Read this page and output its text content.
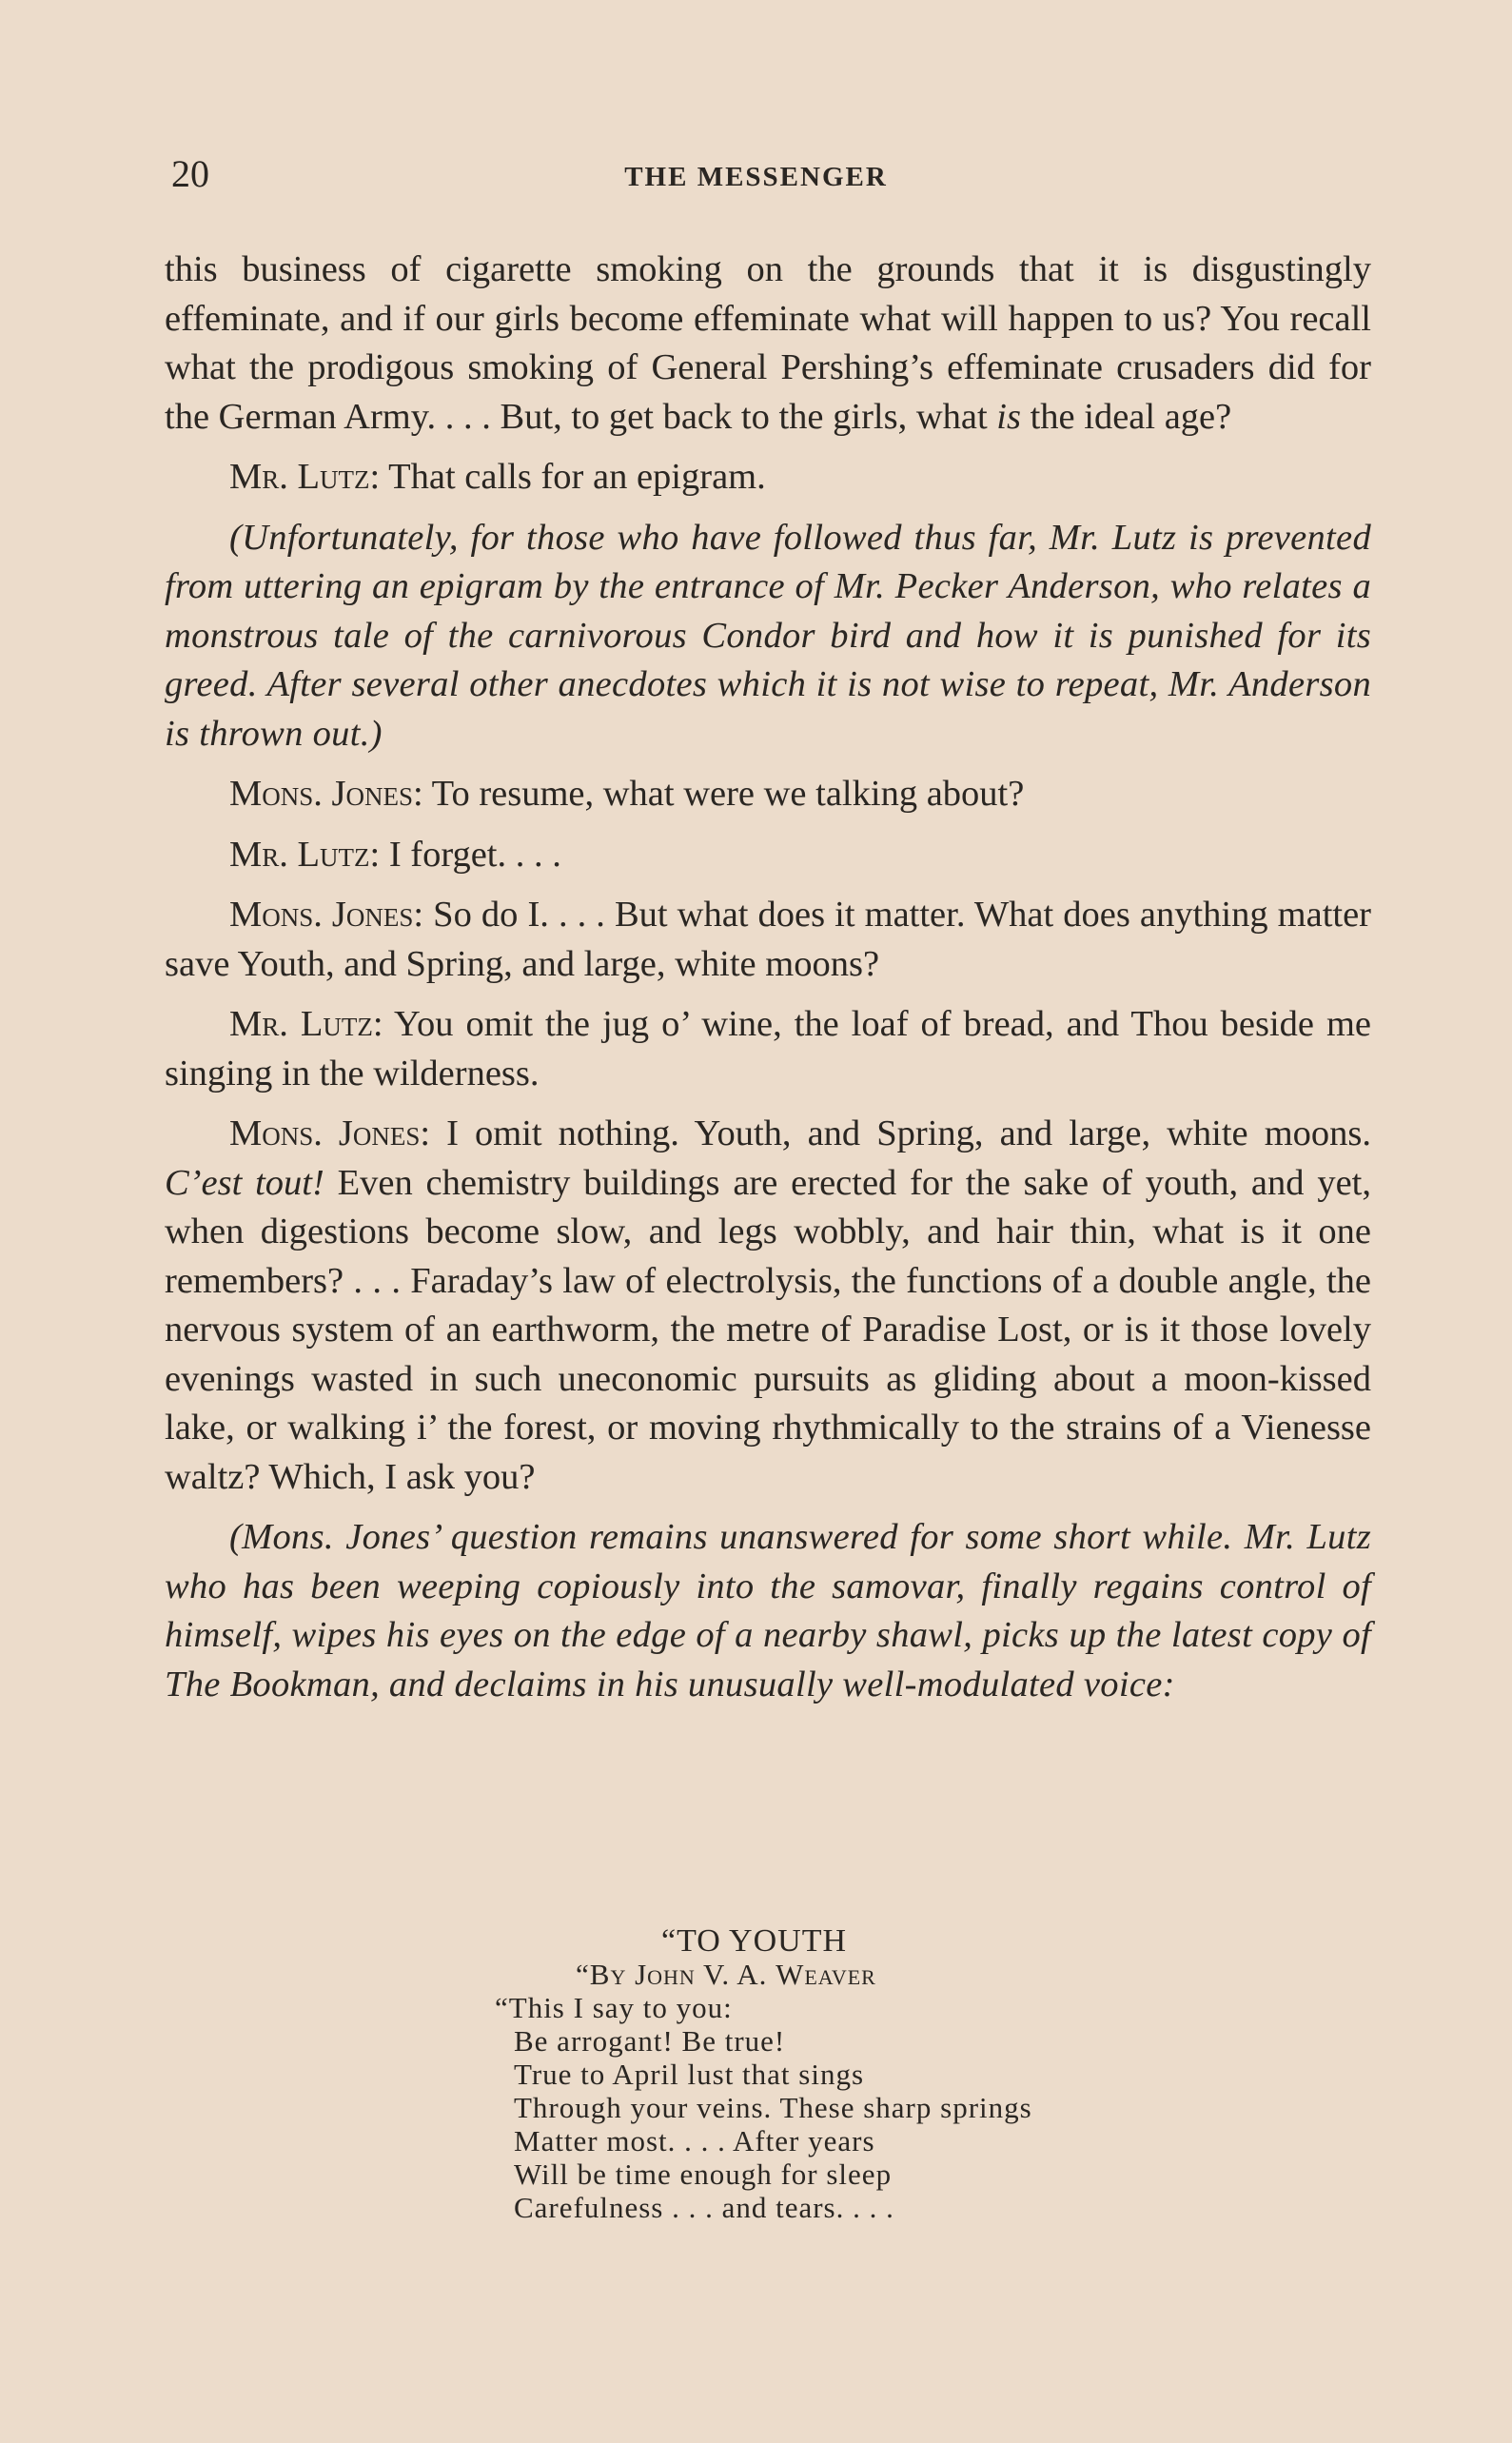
20	THE MESSENGER

this business of cigarette smoking on the grounds that it is disgustingly effeminate, and if our girls become effeminate what will happen to us? You recall what the prodigous smoking of General Pershing’s effeminate crusaders did for the German Army. . . . But, to get back to the girls, what is the ideal age?

Mr. Lutz: That calls for an epigram.

(Unfortunately, for those who have followed thus far, Mr. Lutz is prevented from uttering an epigram by the entrance of Mr. Pecker Anderson, who relates a monstrous tale of the carnivorous Condor bird and how it is punished for its greed. After several other anecdotes which it is not wise to repeat, Mr. Anderson is thrown out.)

Mons. Jones: To resume, what were we talking about?

Mr. Lutz: I forget. . . .

Mons. Jones: So do I. . . . But what does it matter. What does anything matter save Youth, and Spring, and large, white moons?

Mr. Lutz: You omit the jug o’ wine, the loaf of bread, and Thou beside me singing in the wilderness.

Mons. Jones: I omit nothing. Youth, and Spring, and large, white moons. C’est tout! Even chemistry buildings are erected for the sake of youth, and yet, when digestions become slow, and legs wobbly, and hair thin, what is it one remembers? . . . Faraday’s law of electrolysis, the functions of a double angle, the nervous system of an earthworm, the metre of Paradise Lost, or is it those lovely evenings wasted in such uneconomic pursuits as gliding about a moon-kissed lake, or walking i’ the forest, or moving rhythmically to the strains of a Vienesse waltz? Which, I ask you?

(Mons. Jones’ question remains unanswered for some short while. Mr. Lutz who has been weeping copiously into the samovar, finally regains control of himself, wipes his eyes on the edge of a nearby shawl, picks up the latest copy of The Bookman, and declaims in his unusually well-modulated voice:

“TO YOUTH
“By John V. A. Weaver
“This I say to you:
Be arrogant! Be true!
True to April lust that sings
Through your veins. These sharp springs
Matter most. . . . After years
Will be time enough for sleep
Carefulness . . . and tears. . . .
